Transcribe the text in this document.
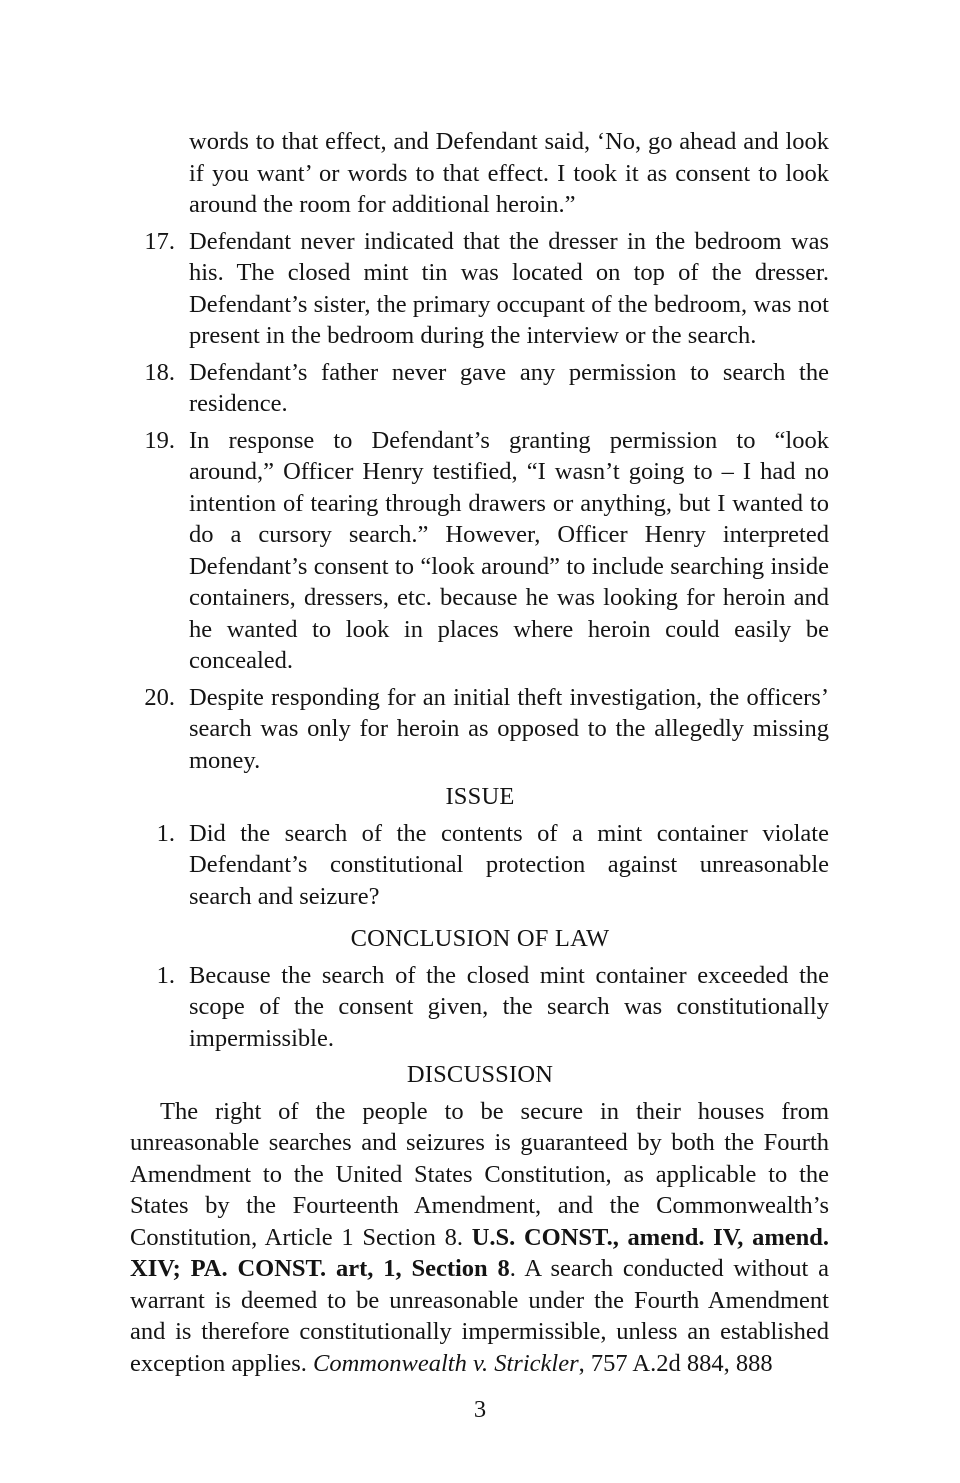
words to that effect, and Defendant said, ‘No, go ahead and look if you want’ or words to that effect. I took it as consent to look around the room for additional heroin.”
17. Defendant never indicated that the dresser in the bedroom was his. The closed mint tin was located on top of the dresser. Defendant’s sister, the primary occupant of the bedroom, was not present in the bedroom during the interview or the search.
18. Defendant’s father never gave any permission to search the residence.
19. In response to Defendant’s granting permission to “look around,” Officer Henry testified, “I wasn’t going to – I had no intention of tearing through drawers or anything, but I wanted to do a cursory search.” However, Officer Henry interpreted Defendant’s consent to “look around” to include searching inside containers, dressers, etc. because he was looking for heroin and he wanted to look in places where heroin could easily be concealed.
20. Despite responding for an initial theft investigation, the officers’ search was only for heroin as opposed to the allegedly missing money.
ISSUE
1. Did the search of the contents of a mint container violate Defendant’s constitutional protection against unreasonable search and seizure?
CONCLUSION OF LAW
1. Because the search of the closed mint container exceeded the scope of the consent given, the search was constitutionally impermissible.
DISCUSSION
The right of the people to be secure in their houses from unreasonable searches and seizures is guaranteed by both the Fourth Amendment to the United States Constitution, as applicable to the States by the Fourteenth Amendment, and the Commonwealth’s Constitution, Article 1 Section 8. U.S. CONST., amend. IV, amend. XIV; PA. CONST. art, 1, Section 8. A search conducted without a warrant is deemed to be unreasonable under the Fourth Amendment and is therefore constitutionally impermissible, unless an established exception applies. Commonwealth v. Strickler, 757 A.2d 884, 888
3
